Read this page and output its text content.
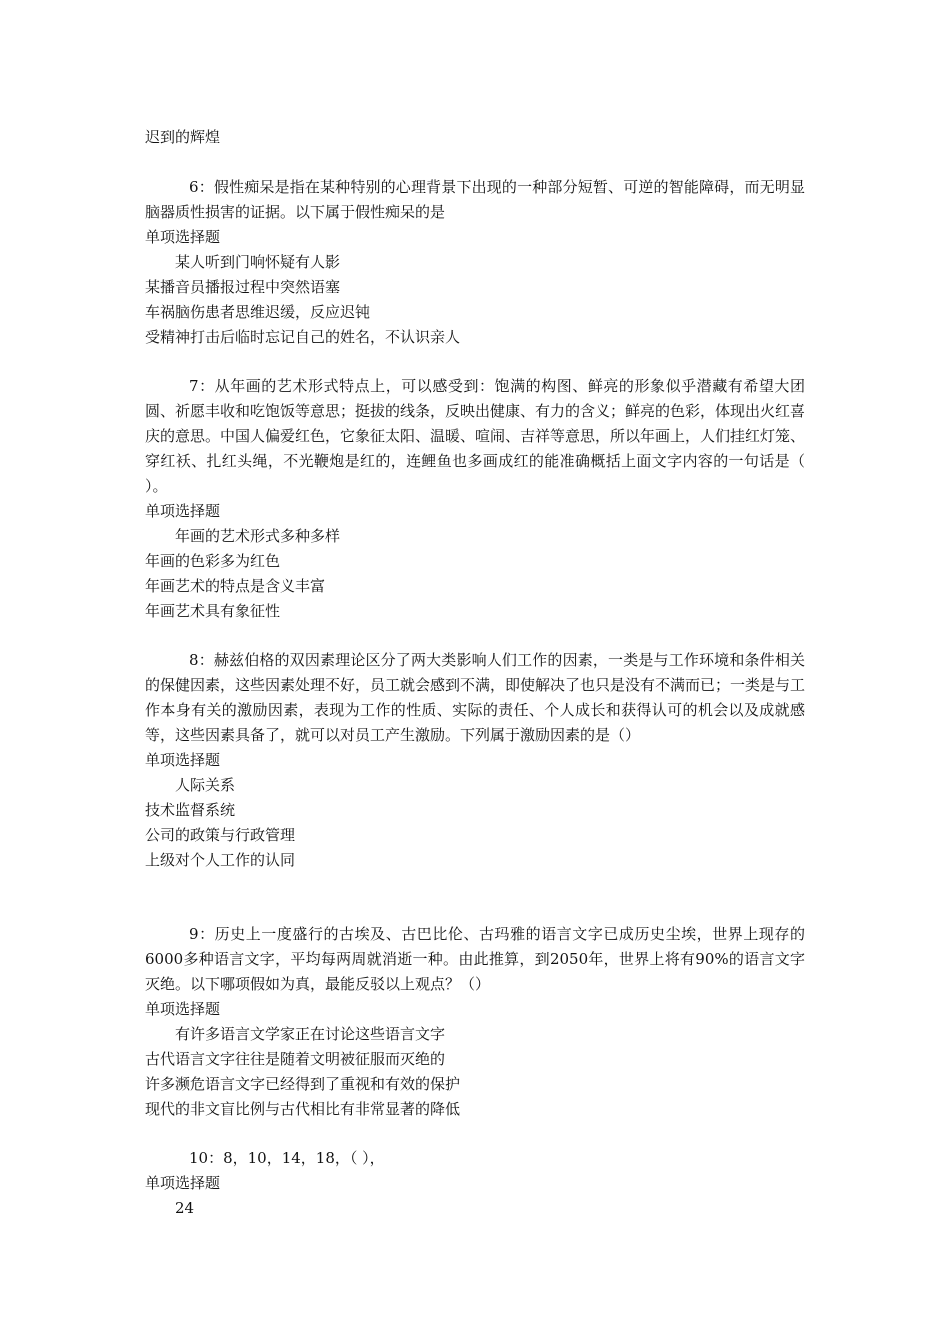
迟到的辉煌
6：假性痴呆是指在某种特别的心理背景下出现的一种部分短暂、可逆的智能障碍，而无明显脑器质性损害的证据。以下属于假性痴呆的是
单项选择题
某人听到门响怀疑有人影
某播音员播报过程中突然语塞
车祸脑伤患者思维迟缓，反应迟钝
受精神打击后临时忘记自己的姓名，不认识亲人
7：从年画的艺术形式特点上，可以感受到：饱满的构图、鲜亮的形象似乎潜藏有希望大团圆、祈愿丰收和吃饱饭等意思；挺拔的线条，反映出健康、有力的含义；鲜亮的色彩，体现出火红喜庆的意思。中国人偏爱红色，它象征太阳、温暖、喧闹、吉祥等意思，所以年画上，人们挂红灯笼、穿红袄、扎红头绳，不光鞭炮是红的，连鲤鱼也多画成红的能准确概括上面文字内容的一句话是（ ）。
单项选择题
年画的艺术形式多种多样
年画的色彩多为红色
年画艺术的特点是含义丰富
年画艺术具有象征性
8：赫兹伯格的双因素理论区分了两大类影响人们工作的因素，一类是与工作环境和条件相关的保健因素，这些因素处理不好，员工就会感到不满，即使解决了也只是没有不满而已；一类是与工作本身有关的激励因素，表现为工作的性质、实际的责任、个人成长和获得认可的机会以及成就感等，这些因素具备了，就可以对员工产生激励。下列属于激励因素的是（）
单项选择题
人际关系
技术监督系统
公司的政策与行政管理
上级对个人工作的认同
9：历史上一度盛行的古埃及、古巴比伦、古玛雅的语言文字已成历史尘埃，世界上现存的6000多种语言文字，平均每两周就消逝一种。由此推算，到2050年，世界上将有90%的语言文字灭绝。以下哪项假如为真，最能反驳以上观点？（）
单项选择题
有许多语言文学家正在讨论这些语言文字
古代语言文字往往是随着文明被征服而灭绝的
许多濒危语言文字已经得到了重视和有效的保护
现代的非文盲比例与古代相比有非常显著的降低
10：8，10，14，18，（ ），
单项选择题
24
